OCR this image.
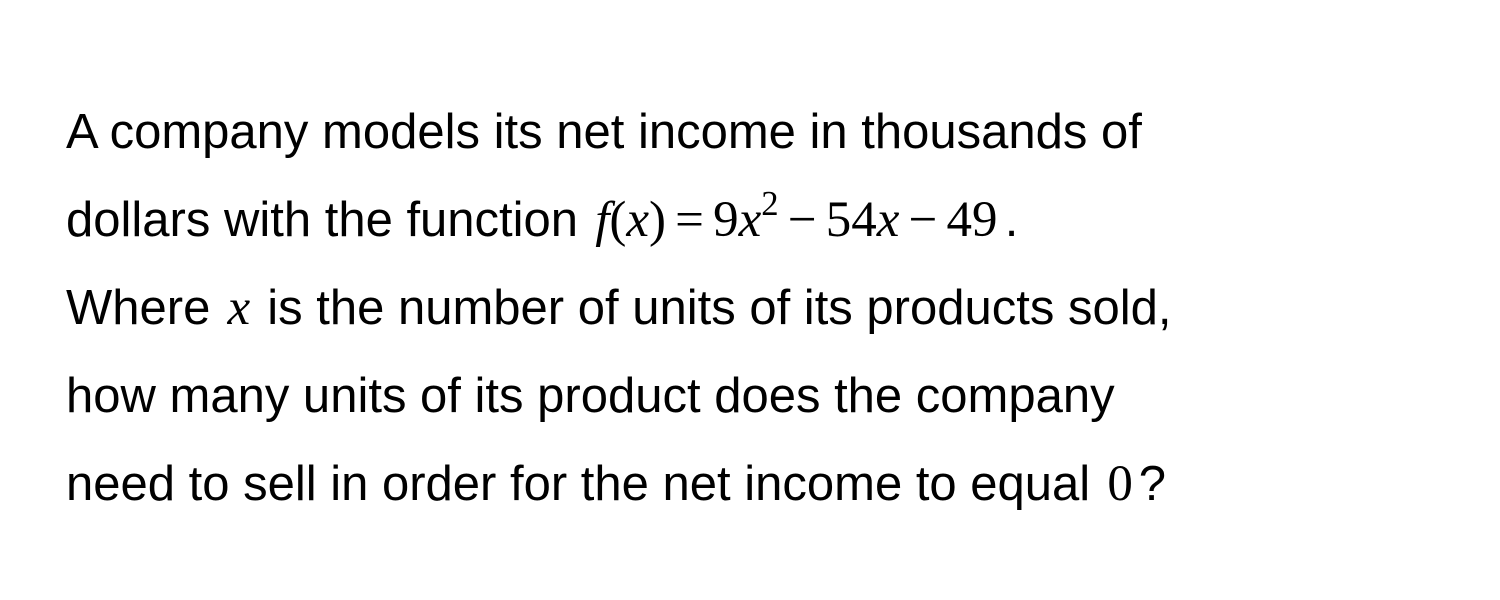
A company models its net income in thousands of
dollars with the function $f(x) = 9x^2 - 54x - 49$ .
Where x is the number of units of its products sold,
how many units of its product does the company
need to sell in order for the net income to equal 0 ?
